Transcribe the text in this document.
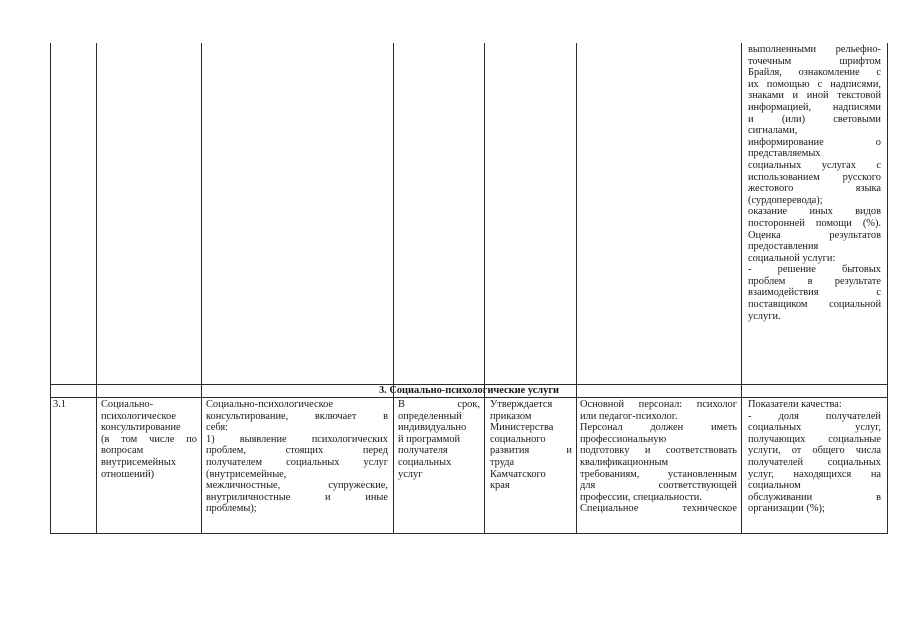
выполненными рельефно-
точечным шрифтом
Брайля, ознакомление с
их помощью с надписями,
знаками и иной текстовой
информацией, надписями
и (или) световыми
сигналами,
информирование о
представляемых
социальных услугах с
использованием русского
жестового языка
(сурдоперевода);
оказание иных видов
посторонней помощи (%).
Оценка результатов
предоставления
социальной услуги:
- решение бытовых
проблем в результате
взаимодействия с
поставщиком социальной
услуги.
3. Социально-психологические услуги
3.1	Социально-
психологическое
консультирование
(в том числе по
вопросам
внутрисемейных
отношений)
Социально-психологическое
консультирование, включает в
себя:
1) выявление психологических
проблем, стоящих перед
получателем социальных услуг
(внутрисемейные,
межличностные, супружеские,
внутриличностные и иные
проблемы);
В срок,
определенный
индивидуально
й программой
получателя
социальных
услуг
Утверждается
приказом
Министерства
социального
развития и
труда
Камчатского
края
Основной персонал: психолог
или педагог-психолог.
Персонал должен иметь
профессиональную
подготовку и соответствовать
квалификационным
требованиям, установленным
для соответствующей
профессии, специальности.
Специальное техническое
Показатели качества:
- доля получателей
социальных услуг,
получающих социальные
услуги, от общего числа
получателей социальных
услуг, находящихся на
социальном
обслуживании в
организации (%);
